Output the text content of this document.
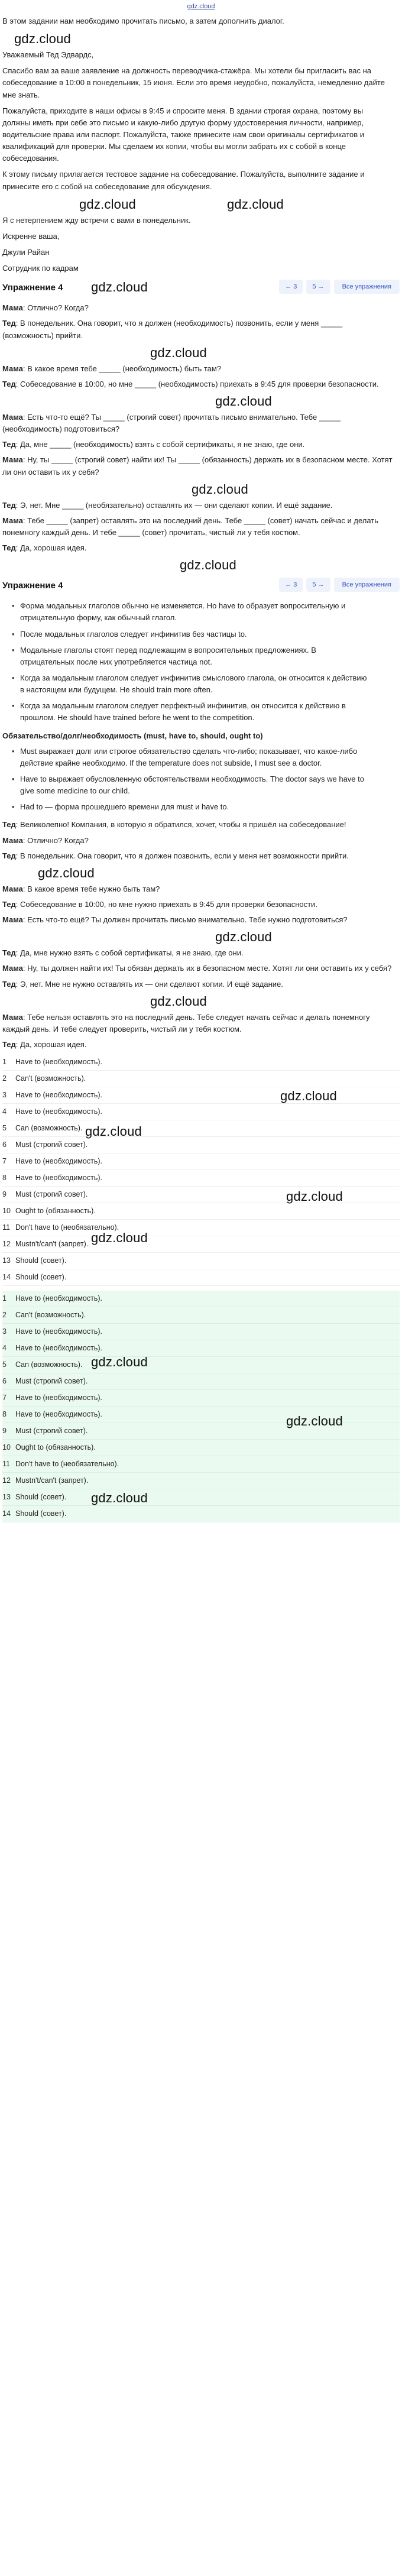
gdz.cloud

В этом задании нам необходимо прочитать письмо, а затем дополнить диалог.

gdz.cloud

Уважаемый Тед Эдвардс,

Спасибо вам за ваше заявление на должность переводчика-стажёра. Мы хотели бы пригласить вас на собеседование в 10:00 в понедельник, 15 июня. Если это время неудобно, пожалуйста, немедленно дайте мне знать.

Пожалуйста, приходите в наши офисы в 9:45 и спросите меня. В здании строгая охрана, поэтому вы должны иметь при себе это письмо и какую-либо другую форму удостоверения личности, например, водительские права или паспорт. Пожалуйста, также принесите нам свои оригиналы сертификатов и квалификаций для проверки. Мы сделаем их копии, чтобы вы могли забрать их с собой в конце собеседования.

К этому письму прилагается тестовое задание на собеседование. Пожалуйста, выполните задание и принесите его с собой на собеседование для обсуждения.

gdz.cloud	gdz.cloud

Я с нетерпением жду встречи с вами в понедельник.

Искренне ваша,

Джули Райан

Сотрудник по кадрам

Упражнение 4 gdz.cloud	← 3	5 →	Все упражнения

Мама: Отлично? Когда?

Тед: В понедельник. Она говорит, что я должен (необходимость) позвонить, если у меня _____ (возможность) прийти.

gdz.cloud

Мама: В какое время тебе _____ (необходимость) быть там?

Тед: Собеседование в 10:00, но мне _____ (необходимость) приехать в 9:45 для проверки безопасности.

gdz.cloud

Мама: Есть что-то ещё? Ты _____ (строгий совет) прочитать письмо внимательно. Тебе _____ (необходимость) подготовиться?

Тед: Да, мне _____ (необходимость) взять с собой сертификаты, я не знаю, где они.

Мама: Ну, ты _____ (строгий совет) найти их! Ты _____ (обязанность) держать их в безопасном месте. Хотят ли они оставить их у себя?

gdz.cloud

Тед: Э, нет. Мне _____ (необязательно) оставлять их — они сделают копии. И ещё задание.

Мама: Тебе _____ (запрет) оставлять это на последний день. Тебе _____ (совет) начать сейчас и делать понемногу каждый день. И тебе _____ (совет) прочитать, чистый ли у тебя костюм.

Тед: Да, хорошая идея.

gdz.cloud
Упражнение 4	← 3	5 →	Все упражнения
• Форма модальных глаголов обычно не изменяется. Но have to образует вопросительную и отрицательную форму, как обычный глагол.
• После модальных глаголов следует инфинитив без частицы to.
• Модальные глаголы стоят перед подлежащим в вопросительных предложениях. В отрицательных после них употребляется частица not.
• Когда за модальным глаголом следует инфинитив смыслового глагола, он относится к действию в настоящем или будущем. He should train more often.
• Когда за модальным глаголом следует перфектный инфинитив, он относится к действию в прошлом. He should have trained before he went to the competition.
Обязательство/долг/необходимость (must, have to, should, ought to)
• Must выражает долг или строгое обязательство сделать что-либо; показывает, что какое-либо действие крайне необходимо. If the temperature does not subside, I must see a doctor.
• Have to выражает обусловленную обстоятельствами необходимость. The doctor says we have to give some medicine to our child.
• Had to — форма прошедшего времени для must и have to.

Тед: Великолепно! Компания, в которую я обратился, хочет, чтобы я пришёл на собеседование!

Мама: Отлично? Когда?

Тед: В понедельник. Она говорит, что я должен позвонить, если у меня нет возможности прийти.

gdz.cloud

Мама: В какое время тебе нужно быть там?

Тед: Собеседование в 10:00, но мне нужно приехать в 9:45 для проверки безопасности.

Мама: Есть что-то ещё? Ты должен прочитать письмо внимательно. Тебе нужно подготовиться?

gdz.cloud

Тед: Да, мне нужно взять с собой сертификаты, я не знаю, где они.

Мама: Ну, ты должен найти их! Ты обязан держать их в безопасном месте. Хотят ли они оставить их у себя?

Тед: Э, нет. Мне не нужно оставлять их — они сделают копии. И ещё задание.

gdz.cloud

Мама: Тебе нельзя оставлять это на последний день. Тебе следует начать сейчас и делать понемногу каждый день. И тебе следует проверить, чистый ли у тебя костюм.

Тед: Да, хорошая идея.

1	Have to (необходимость).
2	Can't (возможность).
3	Have to (необходимость).
4	Have to (необходимость).
5	Can (возможность).
6	Must (строгий совет).
7	Have to (необходимость).
8	Have to (необходимость).
9	Must (строгий совет).
10 Ought to (обязанность).
11 Don't have to (необязательно).
12 Mustn't/can't (запрет).
13 Should (совет).
14 Should (совет).
gdz.cloud
gdz.cloud
gdz.cloud
gdz.cloud
1	Have to (необходимость).
2	Can't (возможность).
3	Have to (необходимость).
4	Have to (необходимость).
5	Can (возможность).
6	Must (строгий совет).
7	Have to (необходимость).
8	Have to (необходимость).
9	Must (строгий совет).
10 Ought to (обязанность).
11 Don't have to (необязательно).
12 Mustn't/can't (запрет).
13 Should (совет).
14 Should (совет).
gdz.cloud
gdz.cloud
gdz.cloud
